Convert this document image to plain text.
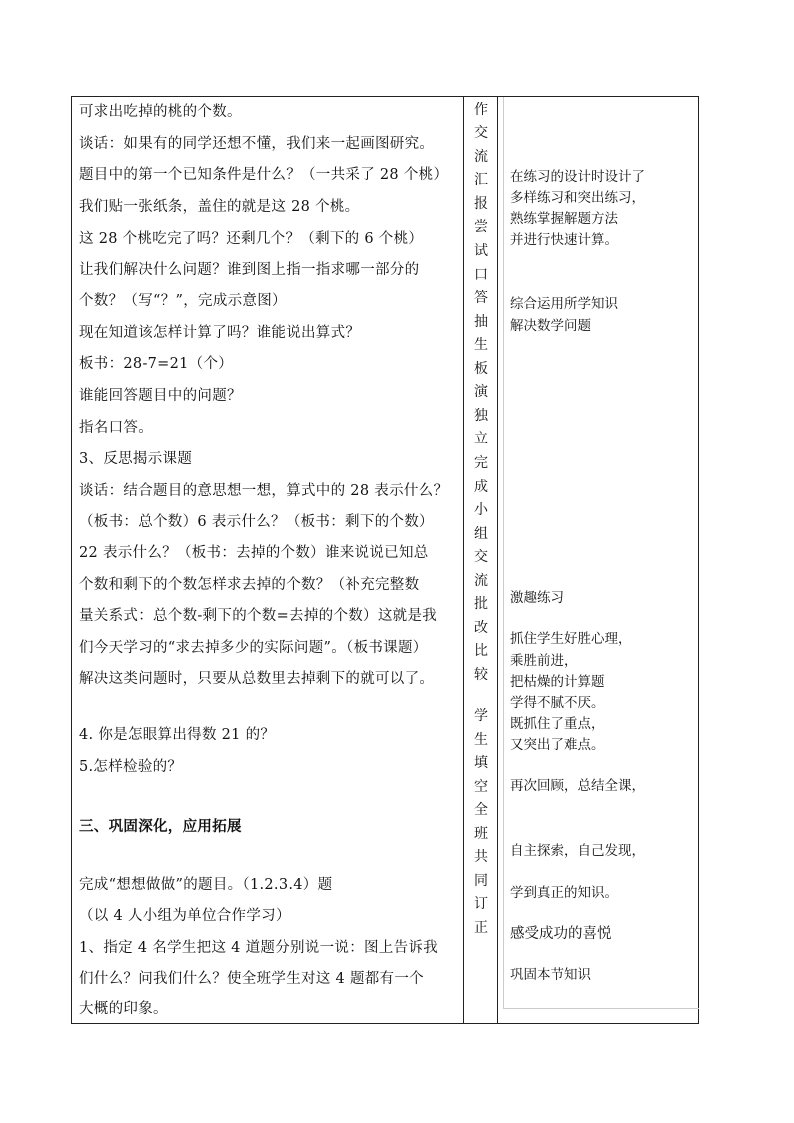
可求出吃掉的桃的个数。
谈话：如果有的同学还想不懂，我们来一起画图研究。
题目中的第一个已知条件是什么？（一共采了 28 个桃）
我们贴一张纸条，盖住的就是这 28 个桃。
这 28 个桃吃完了吗？还剩几个？（剩下的 6 个桃）
让我们解决什么问题？谁到图上指一指求哪一部分的
个数？（写“？”，完成示意图）
现在知道该怎样计算了吗？谁能说出算式？
板书：28-7=21（个）
谁能回答题目中的问题？
指名口答。
3、反思揭示课题
谈话：结合题目的意思想一想，算式中的 28 表示什么？
（板书：总个数）6 表示什么？（板书：剩下的个数）
22 表示什么？（板书：去掉的个数）谁来说说已知总
个数和剩下的个数怎样求去掉的个数？（补充完整数
量关系式：总个数-剩下的个数=去掉的个数）这就是我
们今天学习的“求去掉多少的实际问题”。（板书课题）
解决这类问题时，只要从总数里去掉剩下的就可以了。
4. 你是怎眼算出得数 21 的？
5.怎样检验的？
三、巩固深化，应用拓展
完成“想想做做”的题目。（1.2.3.4）题
（以 4 人小组为单位合作学习）
1、指定 4 名学生把这 4 道题分别说一说：图上告诉我
们什么？问我们什么？使全班学生对这 4 题都有一个
大概的印象。
作
交
流
汇
报
尝
试
口
答
抽
生
板
演
独
立
完
成
小
组
交
流
批
改
比
较
学
生
填
空
全
班
共
同
订
正
在练习的设计时设计了
多样练习和突出练习，
熟练掌握解题方法
并进行快速计算。
综合运用所学知识
解决数学问题
激趣练习
抓住学生好胜心理，
乘胜前进，
把枯燥的计算题
学得不腻不厌。
既抓住了重点，
又突出了难点。
再次回顾，总结全课，
自主探索，自己发现，
学到真正的知识。
感受成功的喜悦
巩固本节知识
